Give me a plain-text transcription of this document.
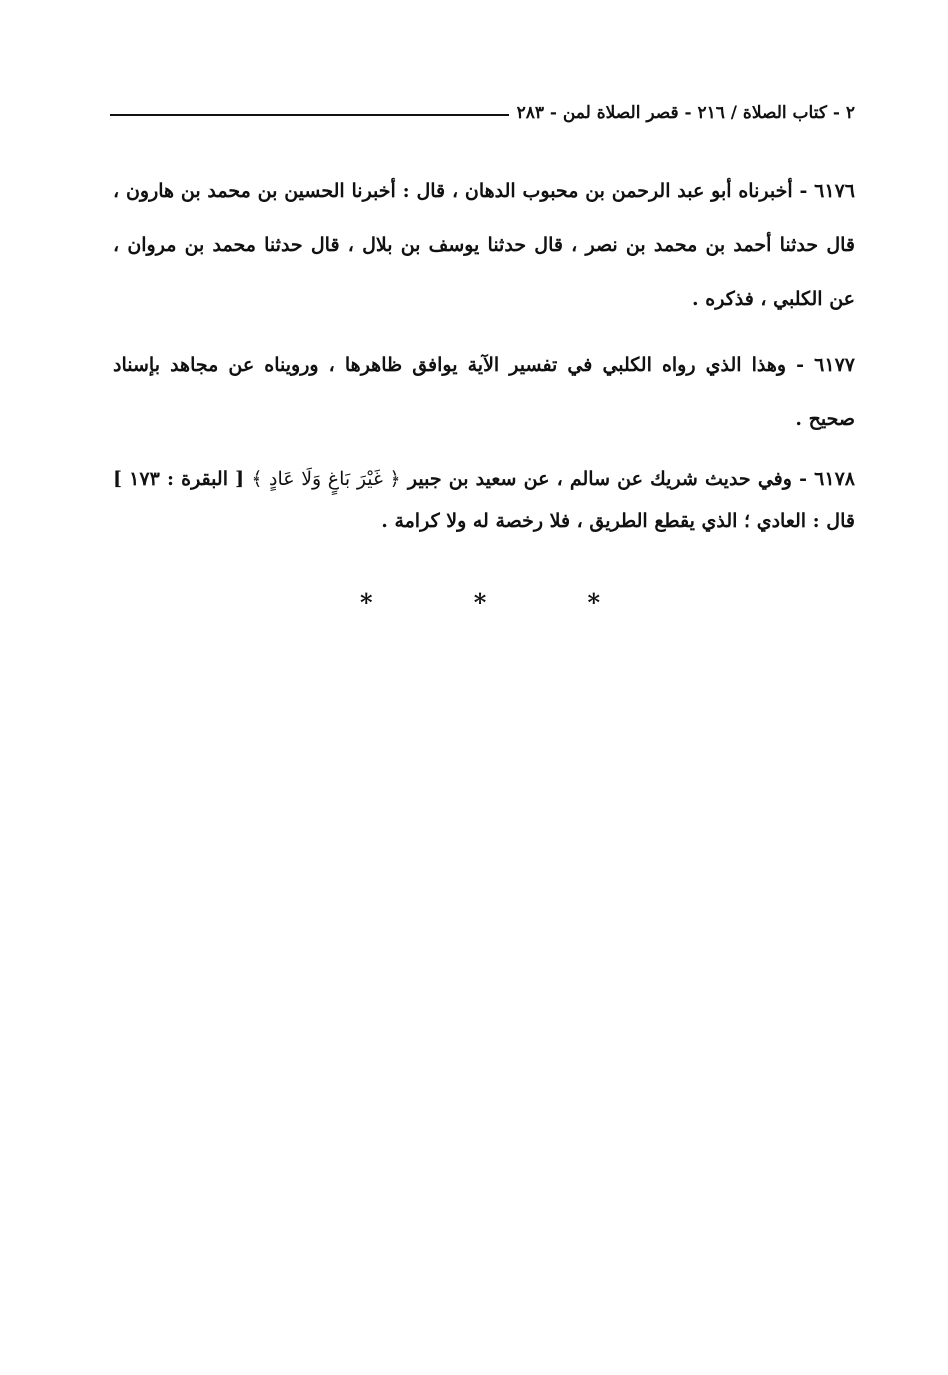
٢ - كتاب الصلاة / ٢١٦ - قصر الصلاة لمن - ٢٨٣

٦١٧٦ - أخبرناه أبو عبد الرحمن بن محبوب الدهان ، قال : أخبرنا الحسين بن محمد بن هارون ، قال حدثنا أحمد بن محمد بن نصر ، قال حدثنا يوسف بن بلال ، قال حدثنا محمد بن مروان ، عن الكلبي ، فذكره .

٦١٧٧ - وهذا الذي رواه الكلبي في تفسير الآية يوافق ظاهرها ، ورويناه عن مجاهد بإسناد صحيح .

٦١٧٨ - وفي حديث شريك عن سالم ، عن سعيد بن جبير ﴿ غَيْرَ بَاغٍ وَلَا عَادٍ ﴾ [ البقرة : ١٧٣ ] قال : العادي ؛ الذي يقطع الطريق ، فلا رخصة له ولا كرامة .

*
*
*
